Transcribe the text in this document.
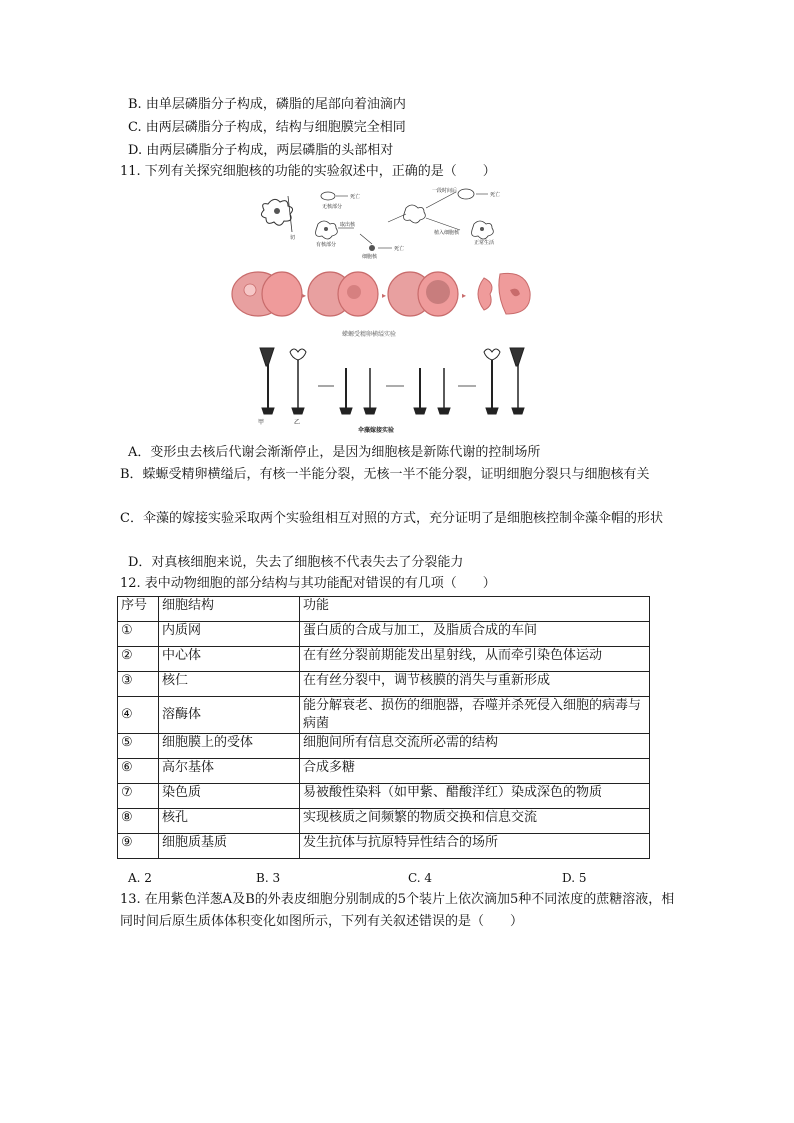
B. 由单层磷脂分子构成，磷脂的尾部向着油滴内
C. 由两层磷脂分子构成，结构与细胞膜完全相同
D. 由两层磷脂分子构成，两层磷脂的头部相对
11. 下列有关探究细胞核的功能的实验叙述中，正确的是（　　）
切
死亡
无核部分
有核部分
取出核
细胞核
死亡
一段时间后
死亡
植入细胞核
正常生活
▸	▸	▸
蝾螈受精卵横缢实验
甲	乙
伞藻嫁接实验
A．变形虫去核后代谢会渐渐停止，是因为细胞核是新陈代谢的控制场所
B．蝾螈受精卵横缢后，有核一半能分裂，无核一半不能分裂，证明细胞分裂只与细胞核有关
C．伞藻的嫁接实验采取两个实验组相互对照的方式，充分证明了是细胞核控制伞藻伞帽的形状
D．对真核细胞来说，失去了细胞核不代表失去了分裂能力
12. 表中动物细胞的部分结构与其功能配对错误的有几项（　　）
序号	细胞结构	功能
①	内质网	蛋白质的合成与加工，及脂质合成的车间
②	中心体	在有丝分裂前期能发出星射线，从而牵引染色体运动
③	核仁	在有丝分裂中，调节核膜的消失与重新形成
④	溶酶体	能分解衰老、损伤的细胞器，吞噬并杀死侵入细胞的病毒与病菌
⑤	细胞膜上的受体	细胞间所有信息交流所必需的结构
⑥	高尔基体	合成多糖
⑦	染色质	易被酸性染料（如甲紫、醋酸洋红）染成深色的物质
⑧	核孔	实现核质之间频繁的物质交换和信息交流
⑨	细胞质基质	发生抗体与抗原特异性结合的场所
A. 2	B. 3	C. 4	D. 5
13. 在用紫色洋葱A及B的外表皮细胞分别制成的5个装片上依次滴加5种不同浓度的蔗糖溶液，相同时间后原生质体体积变化如图所示，下列有关叙述错误的是（　　）
